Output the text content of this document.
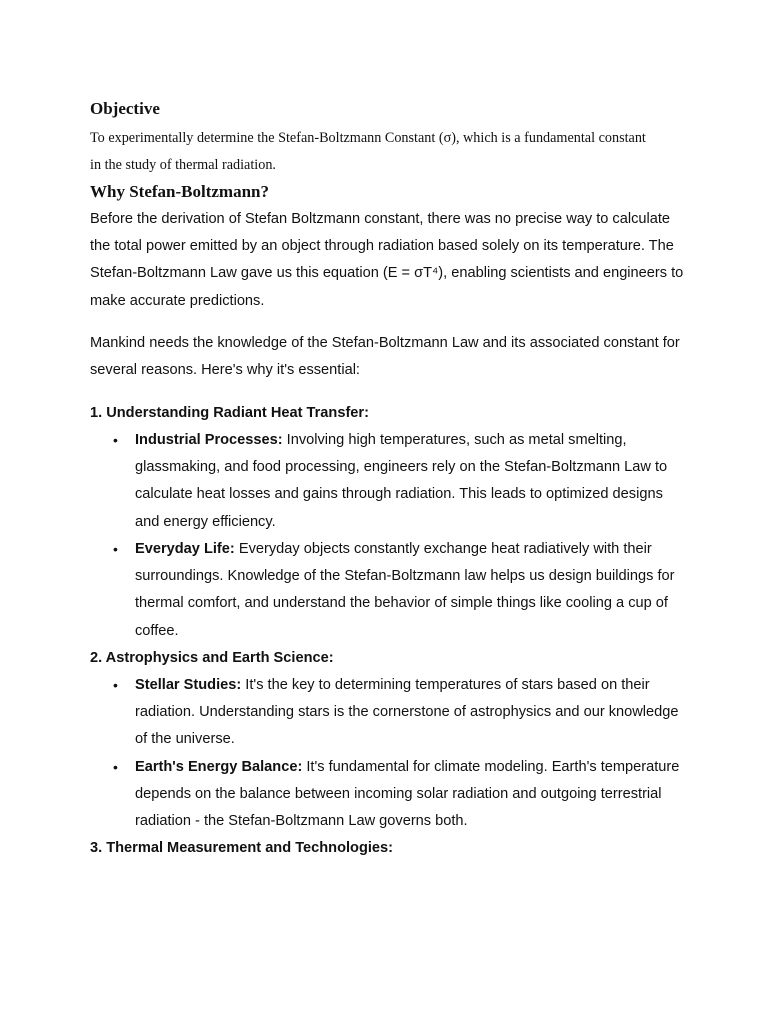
Objective

To experimentally determine the Stefan-Boltzmann Constant (σ), which is a fundamental constant in the study of thermal radiation.

Why Stefan-Boltzmann?

Before the derivation of Stefan Boltzmann constant, there was no precise way to calculate the total power emitted by an object through radiation based solely on its temperature. The Stefan-Boltzmann Law gave us this equation (E = σT⁴), enabling scientists and engineers to make accurate predictions.

Mankind needs the knowledge of the Stefan-Boltzmann Law and its associated constant for several reasons. Here's why it's essential:

1. Understanding Radiant Heat Transfer:
• Industrial Processes: Involving high temperatures, such as metal smelting, glassmaking, and food processing, engineers rely on the Stefan-Boltzmann Law to calculate heat losses and gains through radiation. This leads to optimized designs and energy efficiency.
• Everyday Life: Everyday objects constantly exchange heat radiatively with their surroundings. Knowledge of the Stefan-Boltzmann law helps us design buildings for thermal comfort, and understand the behavior of simple things like cooling a cup of coffee.
2. Astrophysics and Earth Science:
• Stellar Studies: It's the key to determining temperatures of stars based on their radiation. Understanding stars is the cornerstone of astrophysics and our knowledge of the universe.
• Earth's Energy Balance: It's fundamental for climate modeling. Earth's temperature depends on the balance between incoming solar radiation and outgoing terrestrial radiation - the Stefan-Boltzmann Law governs both.
3. Thermal Measurement and Technologies:
